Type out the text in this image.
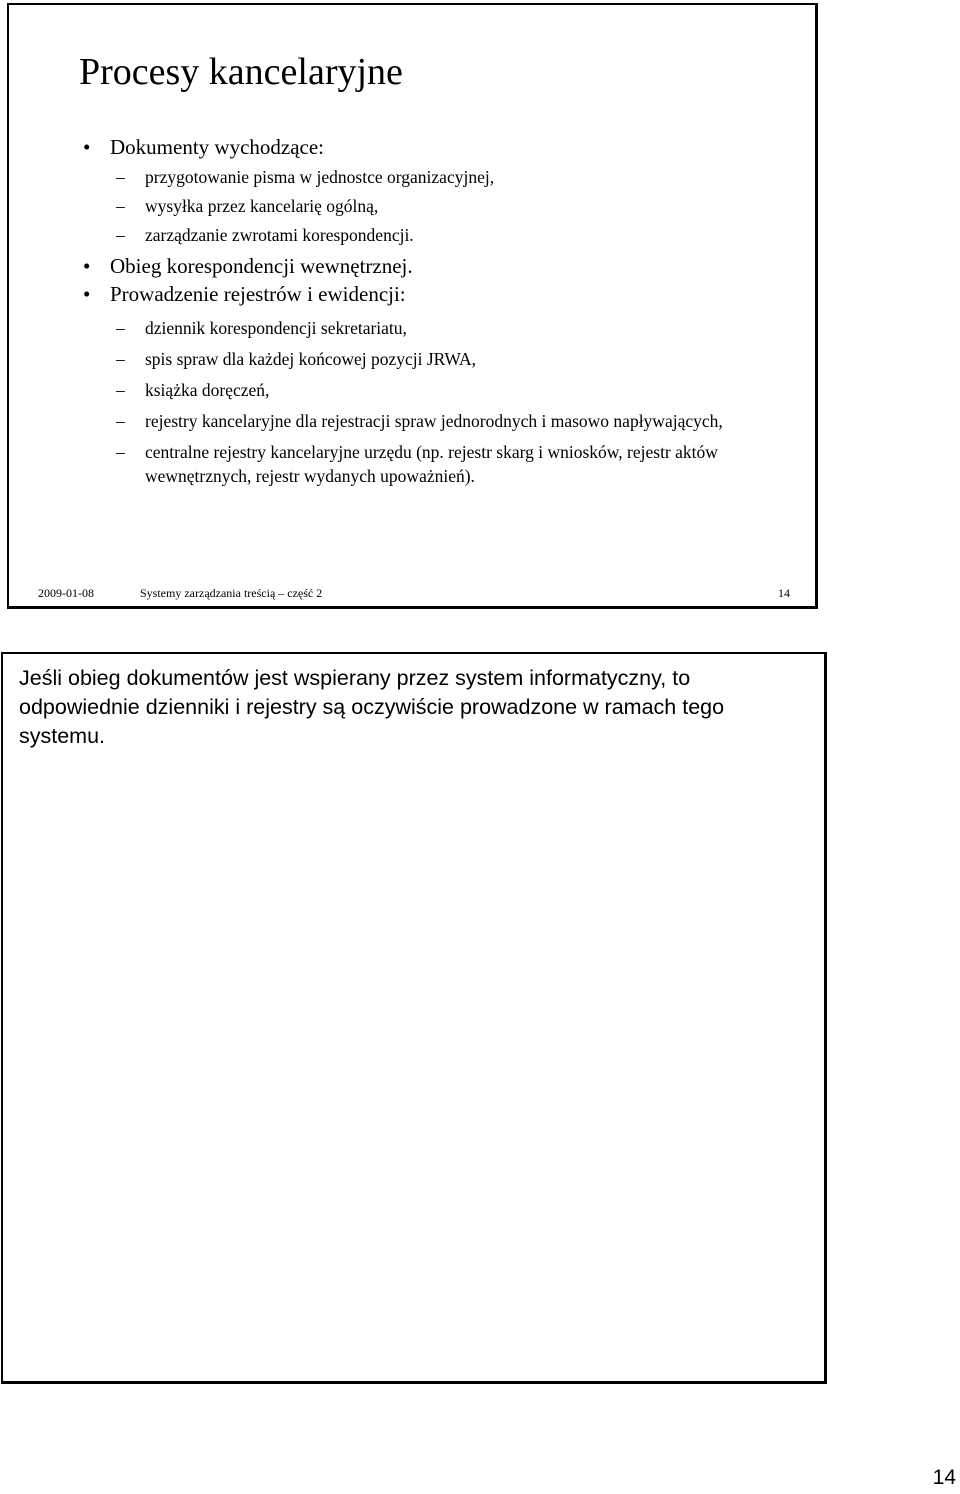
Procesy kancelaryjne
• Dokumenty wychodzące:
– przygotowanie pisma w jednostce organizacyjnej,
– wysyłka przez kancelarię ogólną,
– zarządzanie zwrotami korespondencji.
• Obieg korespondencji wewnętrznej.
• Prowadzenie rejestrów i ewidencji:
– dziennik korespondencji sekretariatu,
– spis spraw dla każdej końcowej pozycji JRWA,
– książka doręczeń,
– rejestry kancelaryjne dla rejestracji spraw jednorodnych i masowo napływających,
– centralne rejestry kancelaryjne urzędu (np. rejestr skarg i wniosków, rejestr aktów wewnętrznych, rejestr wydanych upoważnień).
2009-01-08	Systemy zarządzania treścią – część 2	14

Jeśli obieg dokumentów jest wspierany przez system informatyczny, to odpowiednie dzienniki i rejestry są oczywiście prowadzone w ramach tego systemu.

14
